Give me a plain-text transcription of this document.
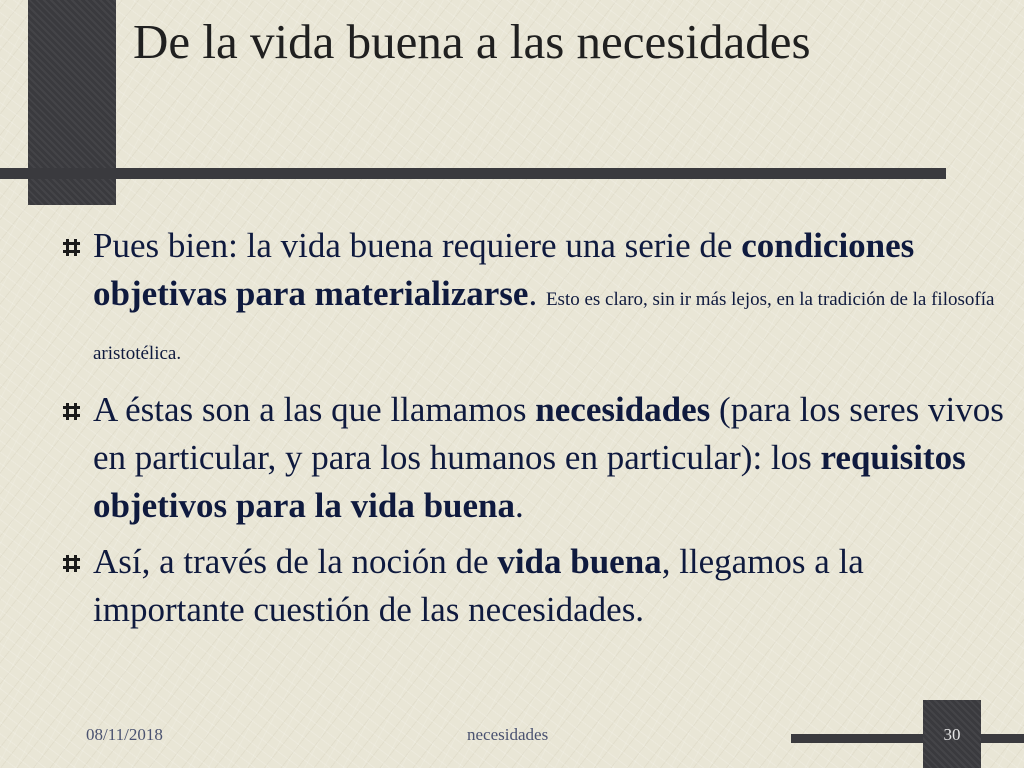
De la vida buena a las necesidades
Pues bien: la vida buena requiere una serie de condiciones objetivas para materializarse. Esto es claro, sin ir más lejos, en la tradición de la filosofía aristotélica.
A éstas son a las que llamamos necesidades (para los seres vivos en particular, y para los humanos en particular): los requisitos objetivos para la vida buena.
Así, a través de la noción de vida buena, llegamos a la importante cuestión de las necesidades.
08/11/2018	necesidades	30
